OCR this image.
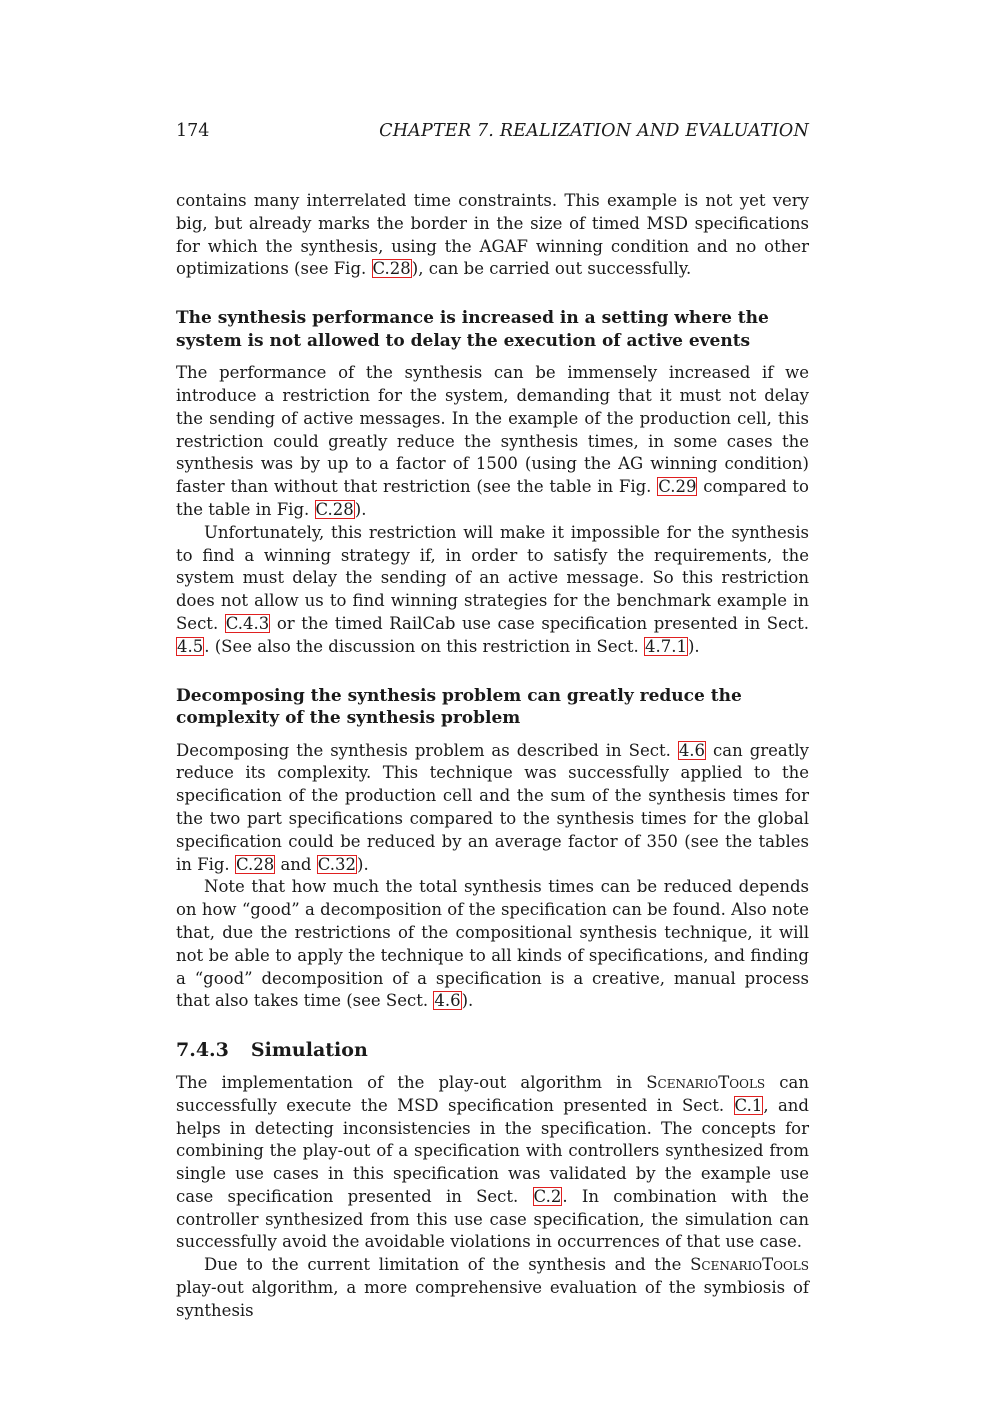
174	CHAPTER 7. REALIZATION AND EVALUATION

contains many interrelated time constraints. This example is not yet very big, but already marks the border in the size of timed MSD specifications for which the synthesis, using the AGAF winning condition and no other optimizations (see Fig. C.28), can be carried out successfully.

The synthesis performance is increased in a setting where the system is not allowed to delay the execution of active events

The performance of the synthesis can be immensely increased if we introduce a restriction for the system, demanding that it must not delay the sending of active messages. In the example of the production cell, this restriction could greatly reduce the synthesis times, in some cases the synthesis was by up to a factor of 1500 (using the AG winning condition) faster than without that restriction (see the table in Fig. C.29 compared to the table in Fig. C.28).

Unfortunately, this restriction will make it impossible for the synthesis to find a winning strategy if, in order to satisfy the requirements, the system must delay the sending of an active message. So this restriction does not allow us to find winning strategies for the benchmark example in Sect. C.4.3 or the timed RailCab use case specification presented in Sect. 4.5. (See also the discussion on this restriction in Sect. 4.7.1).

Decomposing the synthesis problem can greatly reduce the complexity of the synthesis problem

Decomposing the synthesis problem as described in Sect. 4.6 can greatly reduce its complexity. This technique was successfully applied to the specification of the production cell and the sum of the synthesis times for the two part specifications compared to the synthesis times for the global specification could be reduced by an average factor of 350 (see the tables in Fig. C.28 and C.32).

Note that how much the total synthesis times can be reduced depends on how “good” a decomposition of the specification can be found. Also note that, due the restrictions of the compositional synthesis technique, it will not be able to apply the technique to all kinds of specifications, and finding a “good” decomposition of a specification is a creative, manual process that also takes time (see Sect. 4.6).

7.4.3 Simulation

The implementation of the play-out algorithm in ScenarioTools can successfully execute the MSD specification presented in Sect. C.1, and helps in detecting inconsistencies in the specification. The concepts for combining the play-out of a specification with controllers synthesized from single use cases in this specification was validated by the example use case specification presented in Sect. C.2. In combination with the controller synthesized from this use case specification, the simulation can successfully avoid the avoidable violations in occurrences of that use case.

Due to the current limitation of the synthesis and the ScenarioTools play-out algorithm, a more comprehensive evaluation of the symbiosis of synthesis
